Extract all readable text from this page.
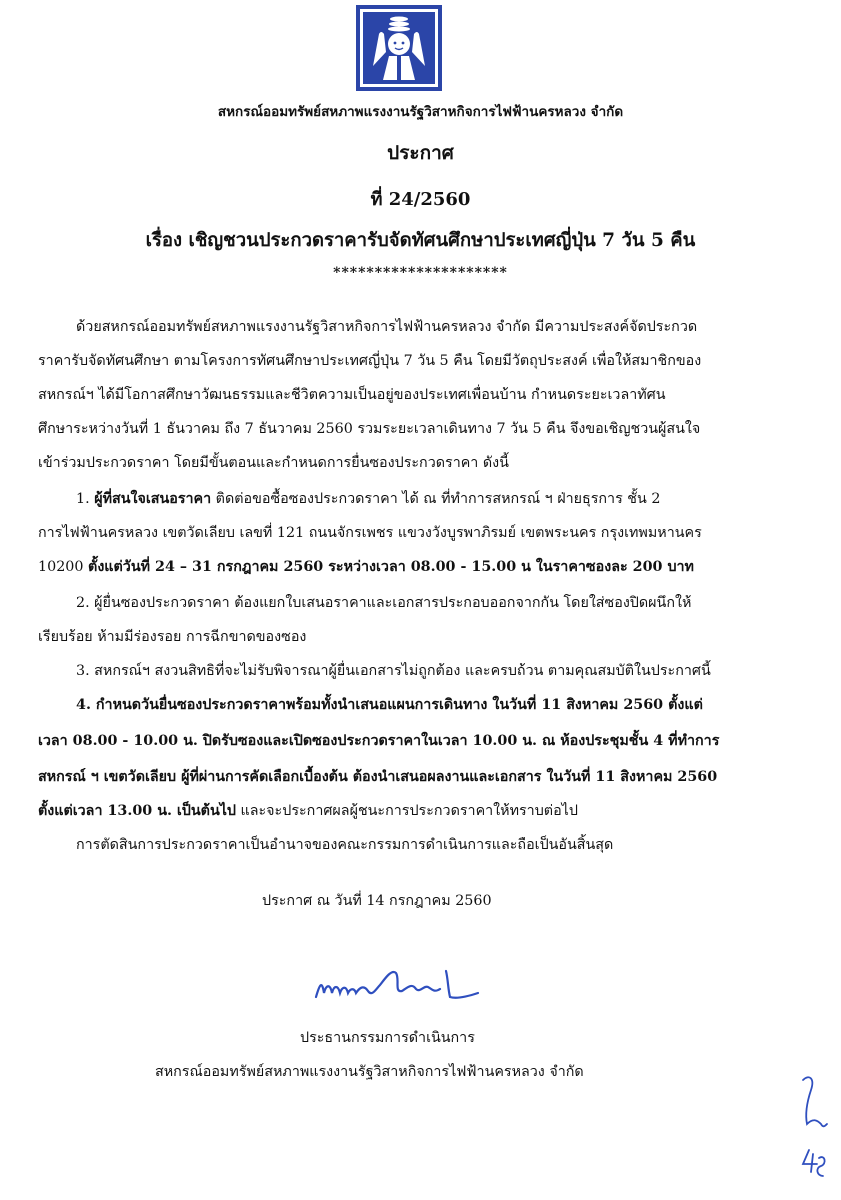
สหกรณ์ออมทรัพย์สหภาพแรงงานรัฐวิสาหกิจการไฟฟ้านครหลวง จำกัด
ประกาศ
ที่ 24/2560
เรื่อง เชิญชวนประกวดราคารับจัดทัศนศึกษาประเทศญี่ปุ่น 7 วัน 5 คืน
*********************
ด้วยสหกรณ์ออมทรัพย์สหภาพแรงงานรัฐวิสาหกิจการไฟฟ้านครหลวง จำกัด มีความประสงค์จัดประกวด
ราคารับจัดทัศนศึกษา ตามโครงการทัศนศึกษาประเทศญี่ปุ่น 7 วัน 5 คืน โดยมีวัตถุประสงค์ เพื่อให้สมาชิกของ
สหกรณ์ฯ ได้มีโอกาสศึกษาวัฒนธรรมและชีวิตความเป็นอยู่ของประเทศเพื่อนบ้าน กำหนดระยะเวลาทัศน
ศึกษาระหว่างวันที่ 1 ธันวาคม ถึง 7 ธันวาคม 2560 รวมระยะเวลาเดินทาง 7 วัน 5 คืน จึงขอเชิญชวนผู้สนใจ
เข้าร่วมประกวดราคา โดยมีขั้นตอนและกำหนดการยื่นซองประกวดราคา ดังนี้
1. ผู้ที่สนใจเสนอราคา ติดต่อขอซื้อซองประกวดราคา ได้ ณ ที่ทำการสหกรณ์ ฯ ฝ่ายธุรการ ชั้น 2
การไฟฟ้านครหลวง เขตวัดเลียบ เลขที่ 121 ถนนจักรเพชร แขวงวังบูรพาภิรมย์ เขตพระนคร กรุงเทพมหานคร
10200 ตั้งแต่วันที่ 24 – 31 กรกฎาคม 2560 ระหว่างเวลา 08.00 - 15.00 น ในราคาซองละ 200 บาท
2. ผู้ยื่นซองประกวดราคา ต้องแยกใบเสนอราคาและเอกสารประกอบออกจากกัน โดยใส่ซองปิดผนึกให้
เรียบร้อย ห้ามมีร่องรอย การฉีกขาดของซอง
3. สหกรณ์ฯ สงวนสิทธิที่จะไม่รับพิจารณาผู้ยื่นเอกสารไม่ถูกต้อง และครบถ้วน ตามคุณสมบัติในประกาศนี้
4. กำหนดวันยื่นซองประกวดราคาพร้อมทั้งนำเสนอแผนการเดินทาง ในวันที่ 11 สิงหาคม 2560 ตั้งแต่
เวลา 08.00 - 10.00 น. ปิดรับซองและเปิดซองประกวดราคาในเวลา 10.00 น. ณ ห้องประชุมชั้น 4 ที่ทำการ
สหกรณ์ ฯ เขตวัดเลียบ ผู้ที่ผ่านการคัดเลือกเบื้องต้น ต้องนำเสนอผลงานและเอกสาร ในวันที่ 11 สิงหาคม 2560
ตั้งแต่เวลา 13.00 น. เป็นต้นไป และจะประกาศผลผู้ชนะการประกวดราคาให้ทราบต่อไป
การตัดสินการประกวดราคาเป็นอำนาจของคณะกรรมการดำเนินการและถือเป็นอันสิ้นสุด
ประกาศ ณ วันที่ 14 กรกฎาคม 2560
ประธานกรรมการดำเนินการ
สหกรณ์ออมทรัพย์สหภาพแรงงานรัฐวิสาหกิจการไฟฟ้านครหลวง จำกัด
